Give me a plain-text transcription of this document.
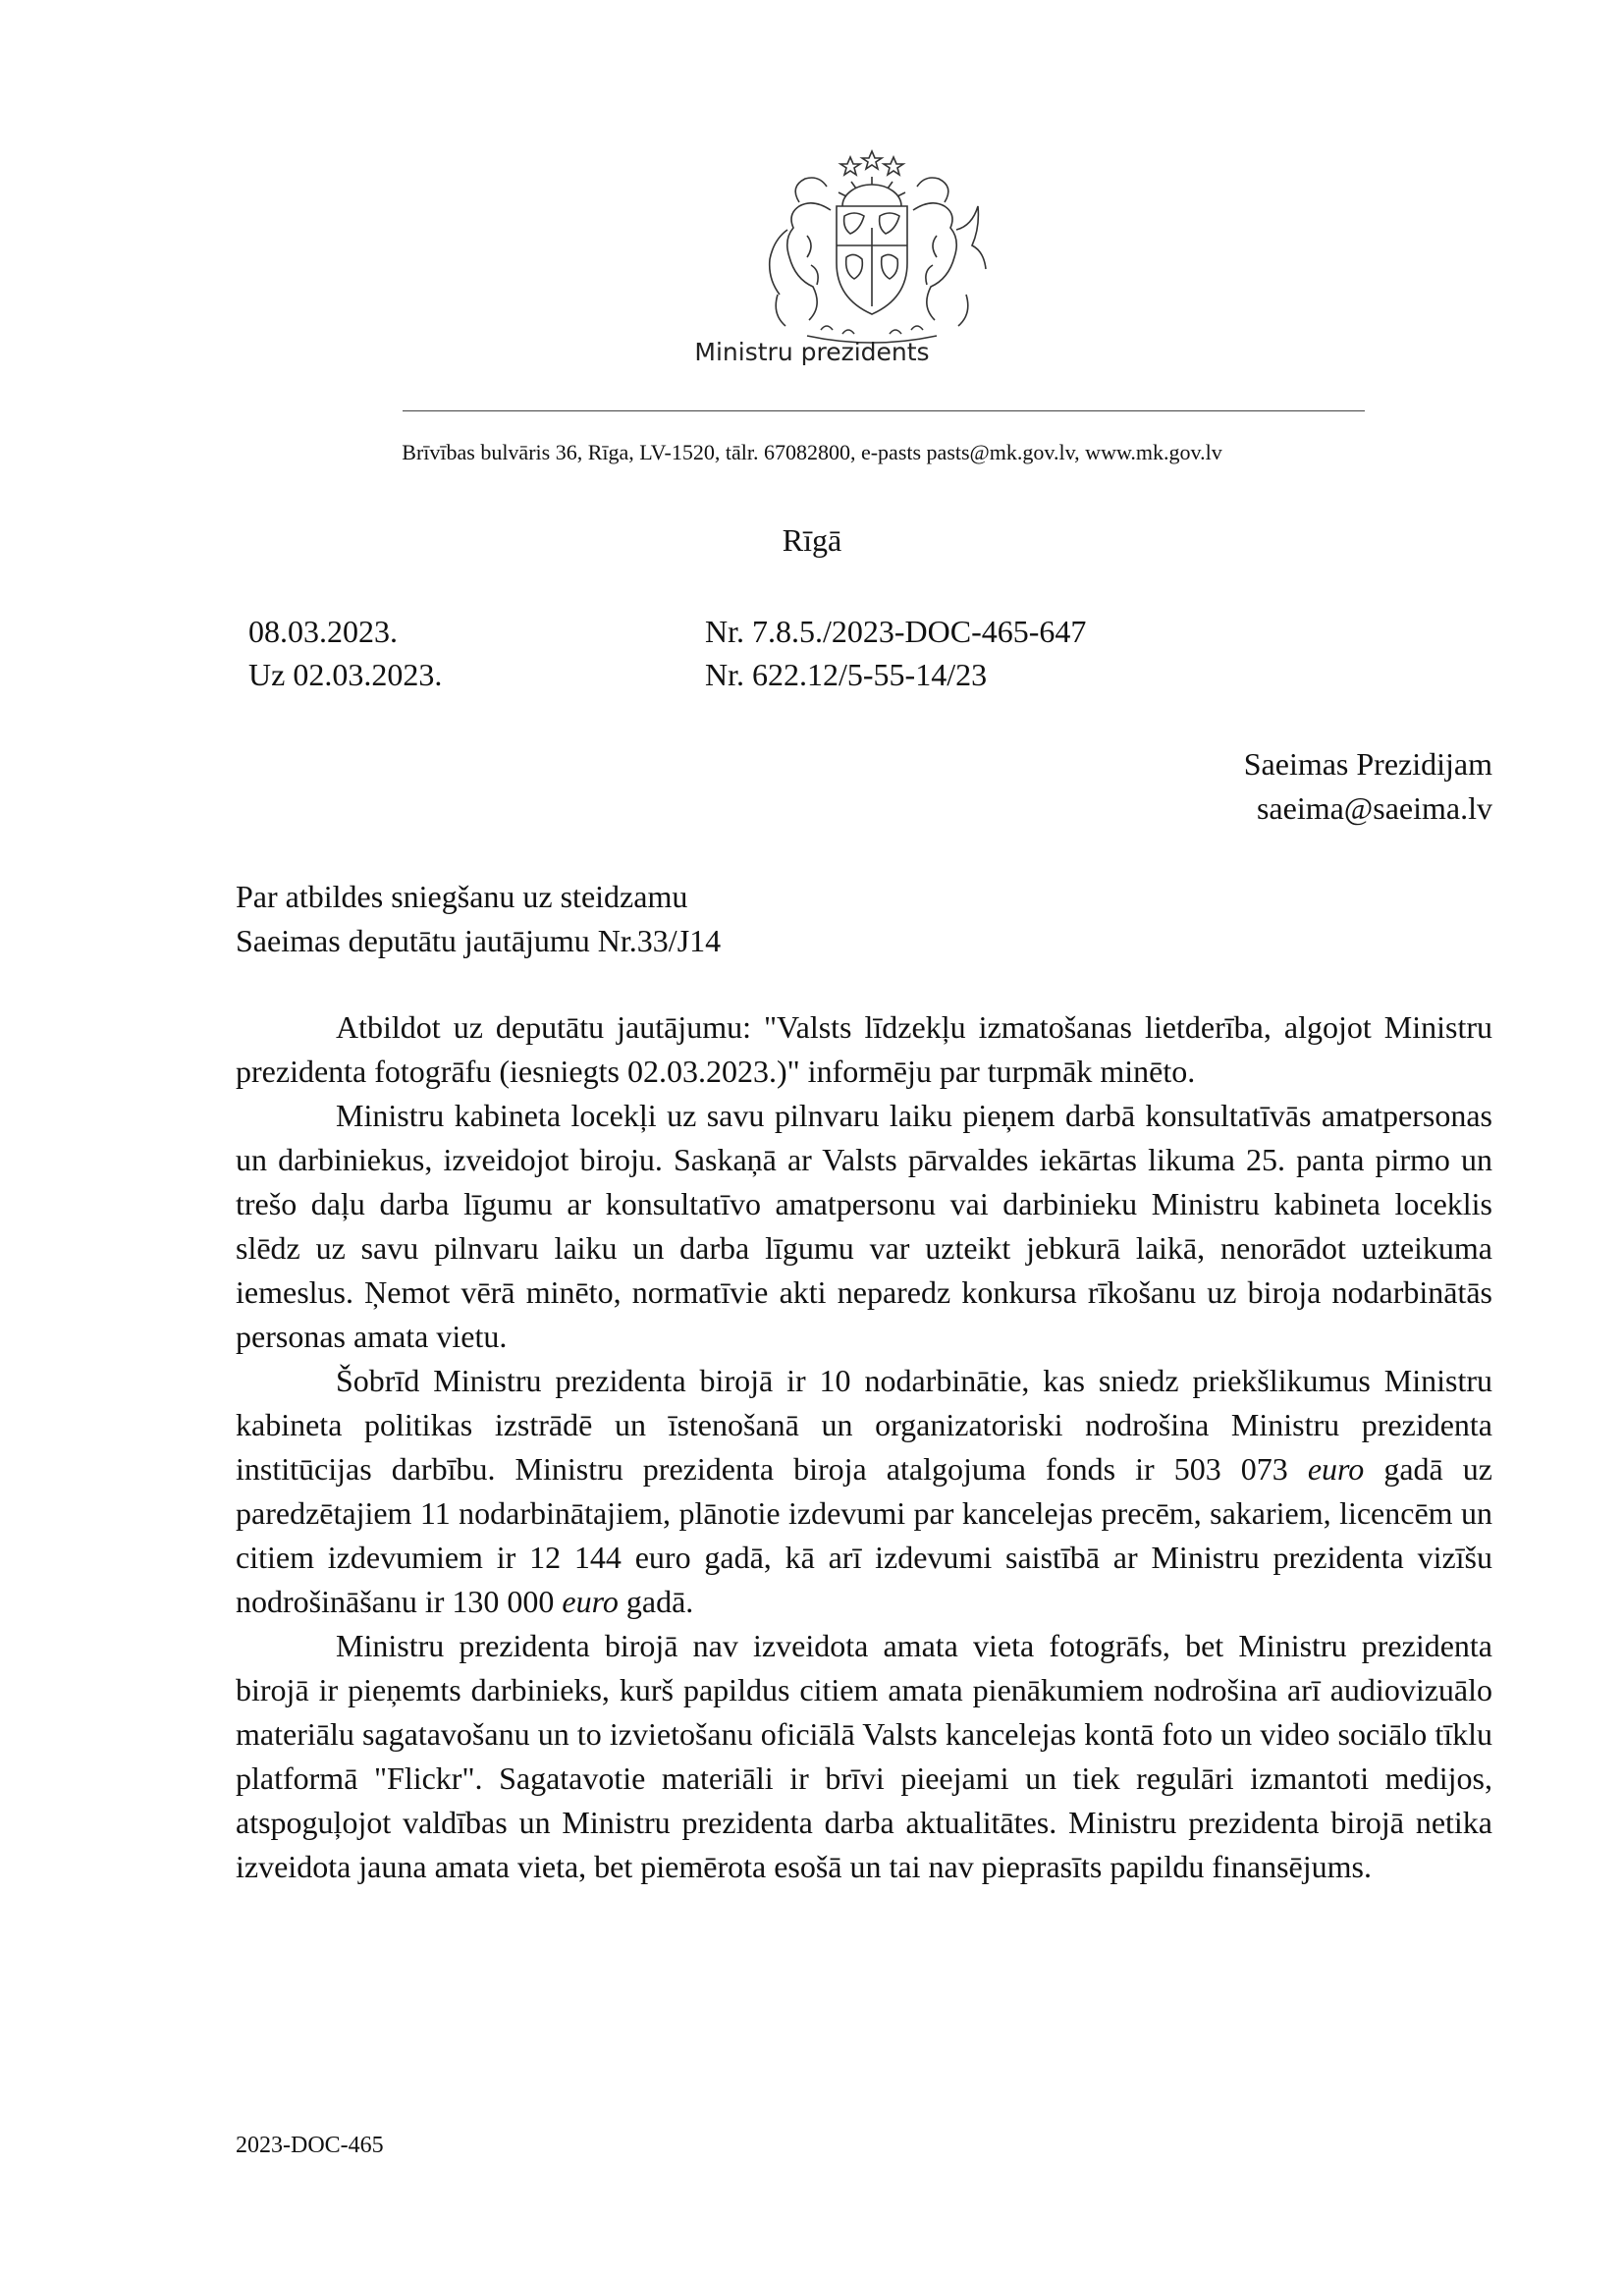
Ministru prezidents
Brīvības bulvāris 36, Rīga, LV-1520, tālr. 67082800, e-pasts pasts@mk.gov.lv, www.mk.gov.lv
Rīgā
08.03.2023.	Nr. 7.8.5./2023-DOC-465-647
Uz 02.03.2023.	Nr. 622.12/5-55-14/23
Saeimas Prezidijam
saeima@saeima.lv
Par atbildes sniegšanu uz steidzamu
Saeimas deputātu jautājumu Nr.33/J14

Atbildot uz deputātu jautājumu: "Valsts līdzekļu izmatošanas lietderība, algojot Ministru prezidenta fotogrāfu (iesniegts 02.03.2023.)" informēju par turpmāk minēto.

Ministru kabineta locekļi uz savu pilnvaru laiku pieņem darbā konsultatīvās amatpersonas un darbiniekus, izveidojot biroju. Saskaņā ar Valsts pārvaldes iekārtas likuma 25. panta pirmo un trešo daļu darba līgumu ar konsultatīvo amatpersonu vai darbinieku Ministru kabineta loceklis slēdz uz savu pilnvaru laiku un darba līgumu var uzteikt jebkurā laikā, nenorādot uzteikuma iemeslus. Ņemot vērā minēto, normatīvie akti neparedz konkursa rīkošanu uz biroja nodarbinātās personas amata vietu.

Šobrīd Ministru prezidenta birojā ir 10 nodarbinātie, kas sniedz priekšlikumus Ministru kabineta politikas izstrādē un īstenošanā un organizatoriski nodrošina Ministru prezidenta institūcijas darbību. Ministru prezidenta biroja atalgojuma fonds ir 503 073 euro gadā uz paredzētajiem 11 nodarbinātajiem, plānotie izdevumi par kancelejas precēm, sakariem, licencēm un citiem izdevumiem ir 12 144 euro gadā, kā arī izdevumi saistībā ar Ministru prezidenta vizīšu nodrošināšanu ir 130 000 euro gadā.

Ministru prezidenta birojā nav izveidota amata vieta fotogrāfs, bet Ministru prezidenta birojā ir pieņemts darbinieks, kurš papildus citiem amata pienākumiem nodrošina arī audiovizuālo materiālu sagatavošanu un to izvietošanu oficiālā Valsts kancelejas kontā foto un video sociālo tīklu platformā "Flickr". Sagatavotie materiāli ir brīvi pieejami un tiek regulāri izmantoti medijos, atspoguļojot valdības un Ministru prezidenta darba aktualitātes. Ministru prezidenta birojā netika izveidota jauna amata vieta, bet piemērota esošā un tai nav pieprasīts papildu finansējums.

2023-DOC-465
